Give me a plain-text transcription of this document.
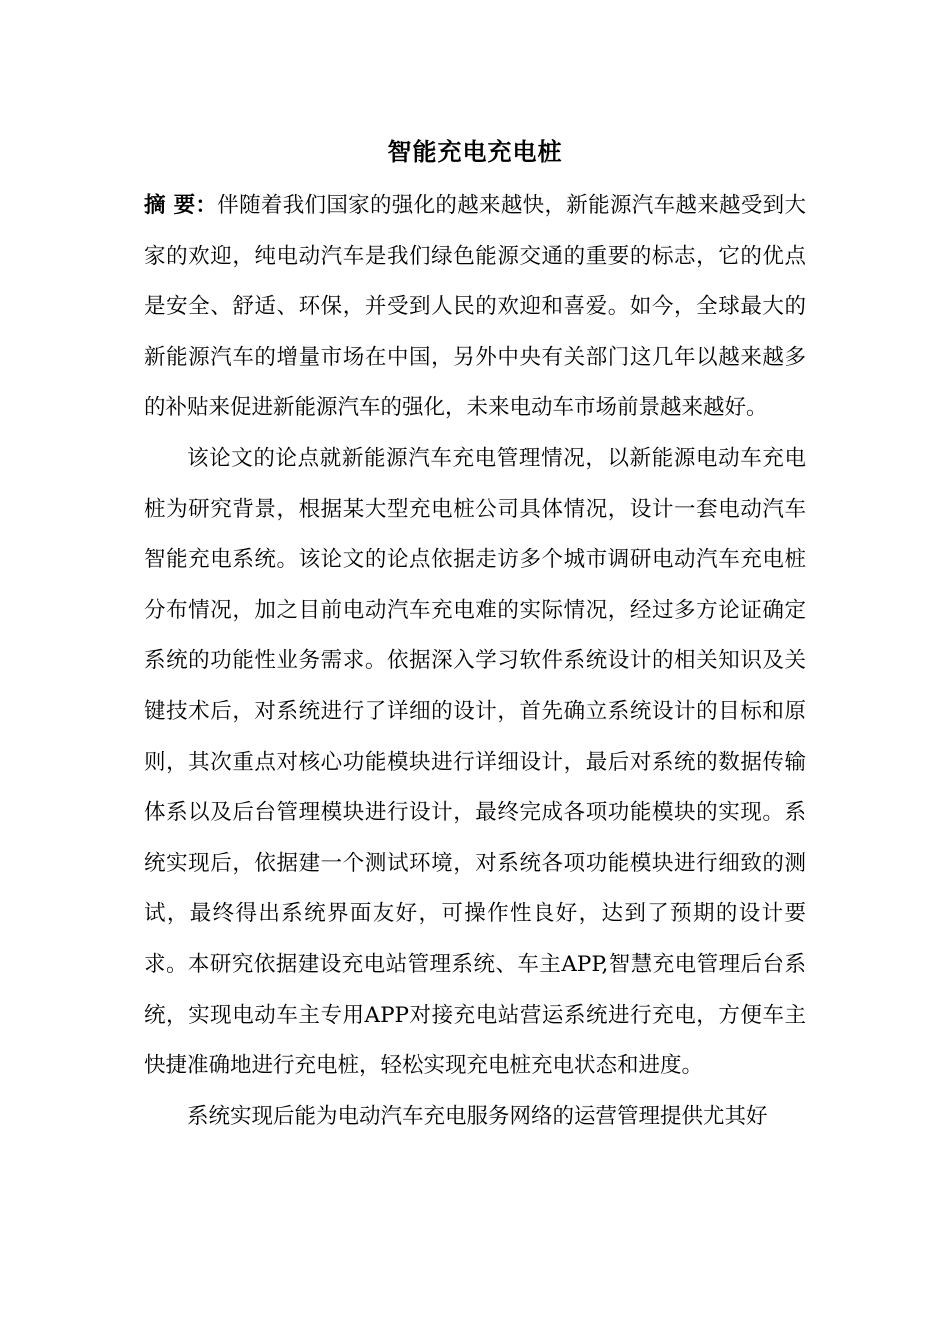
智能充电充电桩

摘 要：伴随着我们国家的强化的越来越快，新能源汽车越来越受到大家的欢迎，纯电动汽车是我们绿色能源交通的重要的标志，它的优点是安全、舒适、环保，并受到人民的欢迎和喜爱。如今，全球最大的新能源汽车的增量市场在中国，另外中央有关部门这几年以越来越多的补贴来促进新能源汽车的强化，未来电动车市场前景越来越好。

该论文的论点就新能源汽车充电管理情况，以新能源电动车充电桩为研究背景，根据某大型充电桩公司具体情况，设计一套电动汽车智能充电系统。该论文的论点依据走访多个城市调研电动汽车充电桩分布情况，加之目前电动汽车充电难的实际情况，经过多方论证确定系统的功能性业务需求。依据深入学习软件系统设计的相关知识及关键技术后，对系统进行了详细的设计，首先确立系统设计的目标和原则，其次重点对核心功能模块进行详细设计，最后对系统的数据传输体系以及后台管理模块进行设计，最终完成各项功能模块的实现。系统实现后，依据建一个测试环境，对系统各项功能模块进行细致的测试，最终得出系统界面友好，可操作性良好，达到了预期的设计要求。本研究依据建设充电站管理系统、车主APP,智慧充电管理后台系统，实现电动车主专用APP对接充电站营运系统进行充电，方便车主快捷准确地进行充电桩，轻松实现充电桩充电状态和进度。

系统实现后能为电动汽车充电服务网络的运营管理提供尤其好
